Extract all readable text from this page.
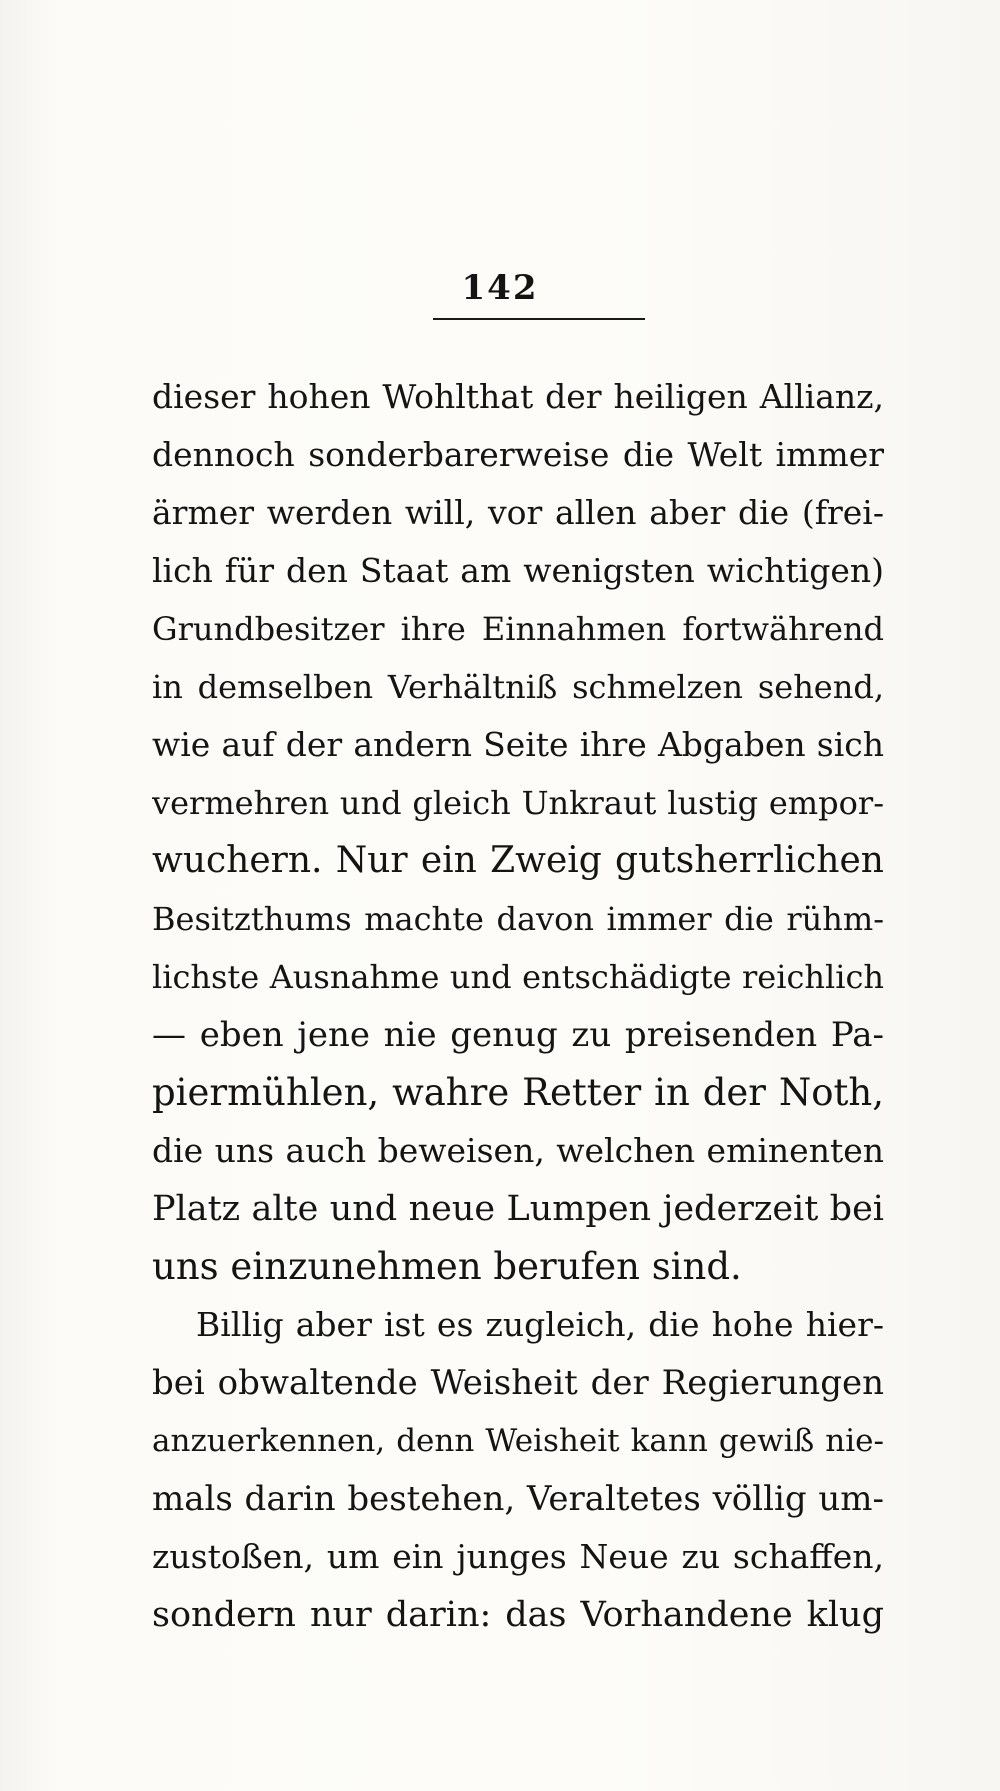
142
dieser hohen Wohlthat der heiligen Allianz,
dennoch sonderbarerweise die Welt immer
ärmer werden will, vor allen aber die (frei-
lich für den Staat am wenigsten wichtigen)
Grundbesitzer ihre Einnahmen fortwährend
in demselben Verhältniß schmelzen sehend,
wie auf der andern Seite ihre Abgaben sich
vermehren und gleich Unkraut lustig empor-
wuchern. Nur ein Zweig gutsherrlichen
Besitzthums machte davon immer die rühm-
lichste Ausnahme und entschädigte reichlich
— eben jene nie genug zu preisenden Pa-
piermühlen, wahre Retter in der Noth,
die uns auch beweisen, welchen eminenten
Platz alte und neue Lumpen jederzeit bei
uns einzunehmen berufen sind.
Billig aber ist es zugleich, die hohe hier-
bei obwaltende Weisheit der Regierungen
anzuerkennen, denn Weisheit kann gewiß nie-
mals darin bestehen, Veraltetes völlig um-
zustoßen, um ein junges Neue zu schaffen,
sondern nur darin: das Vorhandene klug
